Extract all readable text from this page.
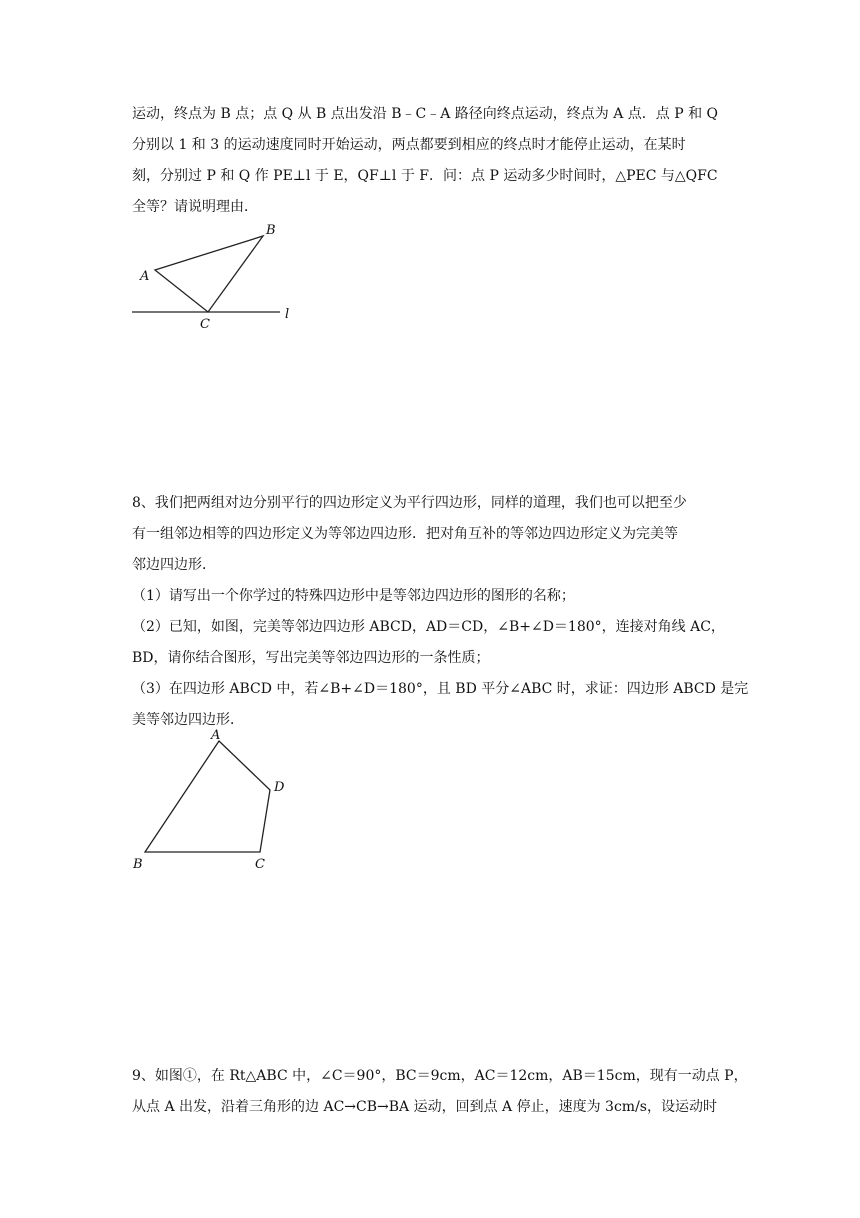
运动，终点为 B 点；点 Q 从 B 点出发沿 B﹣C﹣A 路径向终点运动，终点为 A 点．点 P 和 Q
分别以 1 和 3 的运动速度同时开始运动，两点都要到相应的终点时才能停止运动，在某时
刻，分别过 P 和 Q 作 PE⊥l 于 E，QF⊥l 于 F．问：点 P 运动多少时间时，△PEC 与△QFC
全等？请说明理由．
A
B
C
l
8、我们把两组对边分别平行的四边形定义为平行四边形，同样的道理，我们也可以把至少
有一组邻边相等的四边形定义为等邻边四边形．把对角互补的等邻边四边形定义为完美等
邻边四边形．
（1）请写出一个你学过的特殊四边形中是等邻边四边形的图形的名称；
（2）已知，如图，完美等邻边四边形 ABCD，AD＝CD，∠B+∠D＝180°，连接对角线 AC，
BD，请你结合图形，写出完美等邻边四边形的一条性质；
（3）在四边形 ABCD 中，若∠B+∠D＝180°，且 BD 平分∠ABC 时，求证：四边形 ABCD 是完
美等邻边四边形．
A
B	C
D
9、如图①，在 Rt△ABC 中，∠C＝90°，BC＝9cm，AC＝12cm，AB＝15cm，现有一动点 P，
从点 A 出发，沿着三角形的边 AC→CB→BA 运动，回到点 A 停止，速度为 3cm/s，设运动时
